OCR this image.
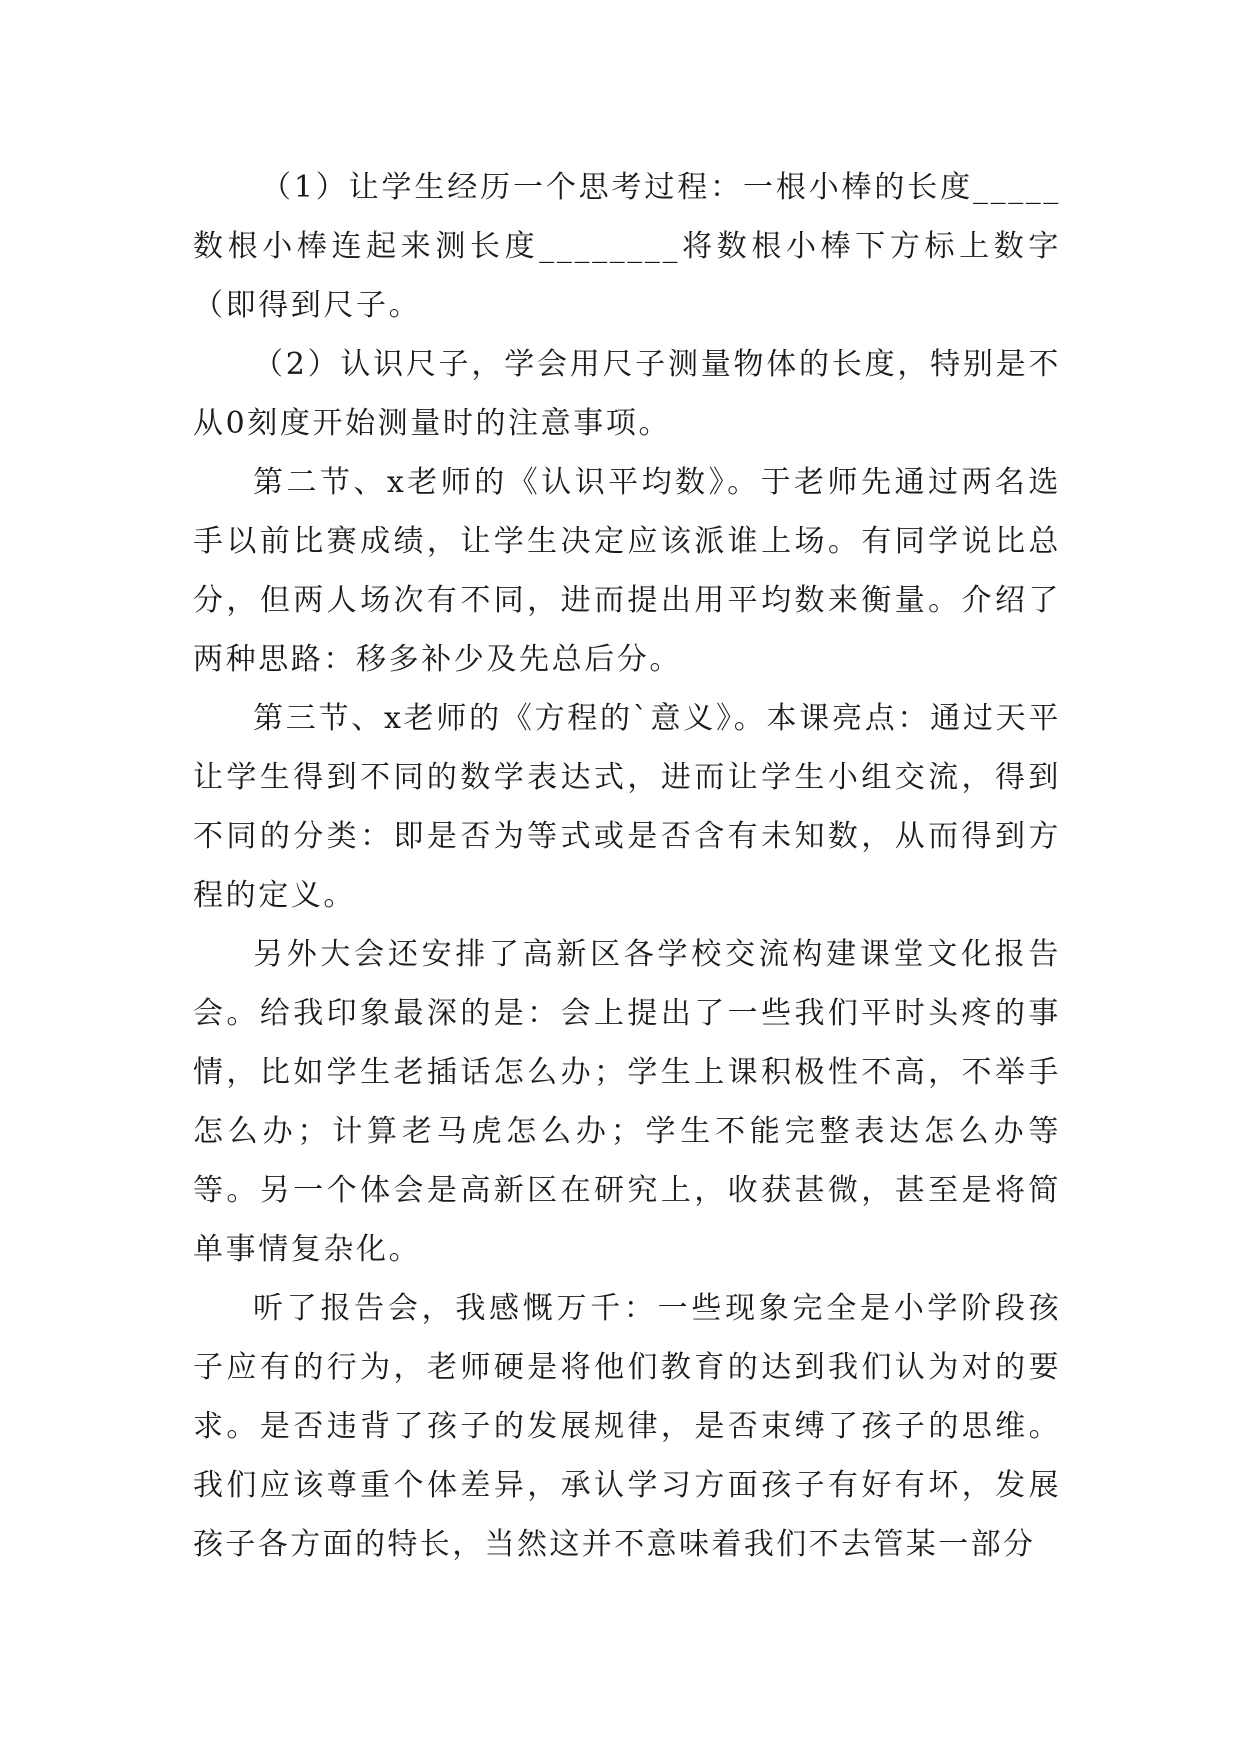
（1）让学生经历一个思考过程：一根小棒的长度_____数根小棒连起来测长度________将数根小棒下方标上数字（即得到尺子。

（2）认识尺子，学会用尺子测量物体的长度，特别是不从0刻度开始测量时的注意事项。

第二节、x老师的《认识平均数》。于老师先通过两名选手以前比赛成绩，让学生决定应该派谁上场。有同学说比总分，但两人场次有不同，进而提出用平均数来衡量。介绍了两种思路：移多补少及先总后分。

第三节、x老师的《方程的`意义》。本课亮点：通过天平让学生得到不同的数学表达式，进而让学生小组交流，得到不同的分类：即是否为等式或是否含有未知数，从而得到方程的定义。

另外大会还安排了高新区各学校交流构建课堂文化报告会。给我印象最深的是：会上提出了一些我们平时头疼的事情，比如学生老插话怎么办；学生上课积极性不高，不举手怎么办；计算老马虎怎么办；学生不能完整表达怎么办等等。另一个体会是高新区在研究上，收获甚微，甚至是将简单事情复杂化。

听了报告会，我感慨万千：一些现象完全是小学阶段孩子应有的行为，老师硬是将他们教育的达到我们认为对的要求。是否违背了孩子的发展规律，是否束缚了孩子的思维。我们应该尊重个体差异，承认学习方面孩子有好有坏，发展孩子各方面的特长，当然这并不意味着我们不去管某一部分
